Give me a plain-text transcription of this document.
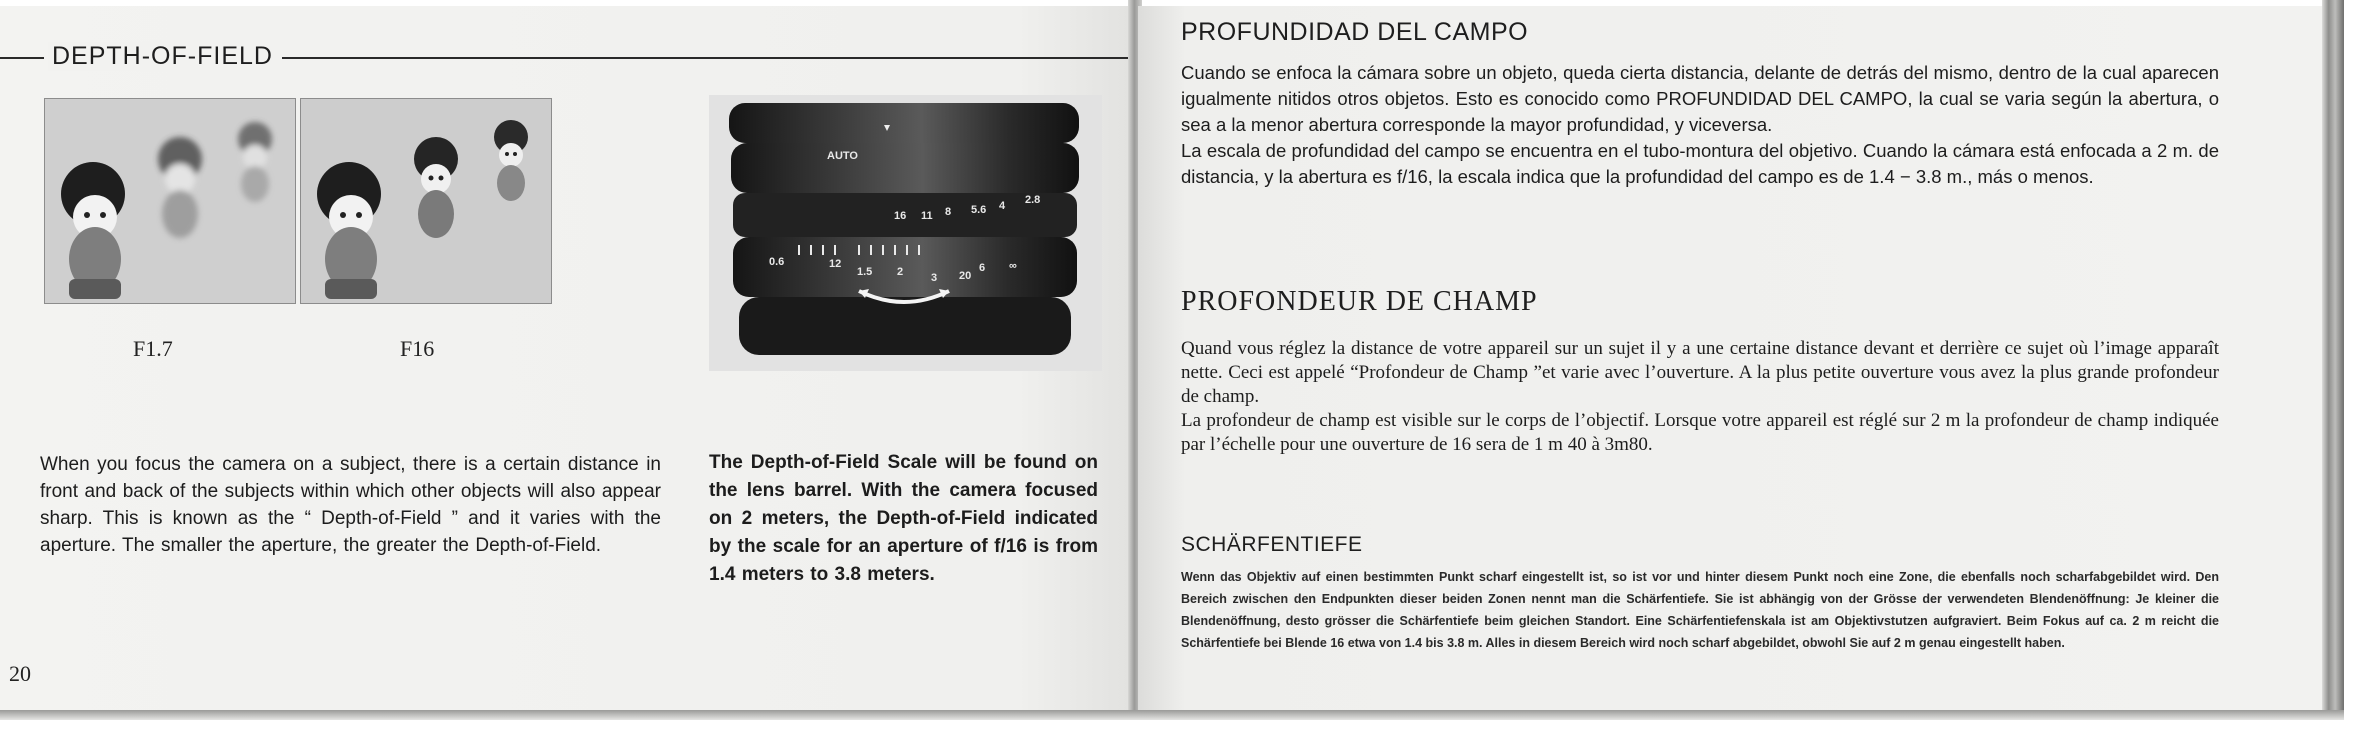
DEPTH-OF-FIELD
F1.7	F16
AUTO
16 11 8 5.6 4 2.8
∞
6
20
2
12
0.6
1.5	3
When you focus the camera on a subject, there is a certain distance in front and back of the subjects within which other objects will also appear sharp. This is known as the “ Depth-of-Field ” and it varies with the aperture. The smaller the aperture, the greater the Depth-of-Field.
The Depth-of-Field Scale will be found on the lens barrel. With the camera focused on 2 meters, the Depth-of-Field indicated by the scale for an aperture of f/16 is from 1.4 meters to 3.8 meters.
20
PROFUNDIDAD DEL CAMPO

Cuando se enfoca la cámara sobre un objeto, queda cierta distancia, delante de detrás del mismo, dentro de la cual aparecen igualmente nitidos otros objetos. Esto es conocido como PROFUNDIDAD DEL CAMPO, la cual se varia según la abertura, o sea a la menor abertura corresponde la mayor profundidad, y viceversa.

La escala de profundidad del campo se encuentra en el tubo-montura del objetivo. Cuando la cámara está enfocada a 2 m. de distancia, y la abertura es f/16, la escala indica que la profundidad del campo es de 1.4 − 3.8 m., más o menos.

PROFONDEUR DE CHAMP

Quand vous réglez la distance de votre appareil sur un sujet il y a une certaine distance devant et derrière ce sujet où l’image apparaît nette. Ceci est appelé “Profondeur de Champ ”et varie avec l’ouverture. A la plus petite ouverture vous avez la plus grande profondeur de champ.

La profondeur de champ est visible sur le corps de l’objectif. Lorsque votre appareil est réglé sur 2 m la profondeur de champ indiquée par l’échelle pour une ouverture de 16 sera de 1 m 40 à 3m80.

SCHÄRFENTIEFE
Wenn das Objektiv auf einen bestimmten Punkt scharf eingestellt ist, so ist vor und hinter diesem Punkt noch eine Zone, die ebenfalls noch scharfabgebildet wird. Den Bereich zwischen den Endpunkten dieser beiden Zonen nennt man die Schärfentiefe. Sie ist abhängig von der Grösse der verwendeten Blendenöffnung: Je kleiner die Blendenöffnung, desto grösser die Schärfentiefe beim gleichen Standort. Eine Schärfentiefenskala ist am Objektivstutzen aufgraviert. Beim Fokus auf ca. 2 m reicht die Schärfentiefe bei Blende 16 etwa von 1.4 bis 3.8 m. Alles in diesem Bereich wird noch scharf abgebildet, obwohl Sie auf 2 m genau eingestellt haben.
